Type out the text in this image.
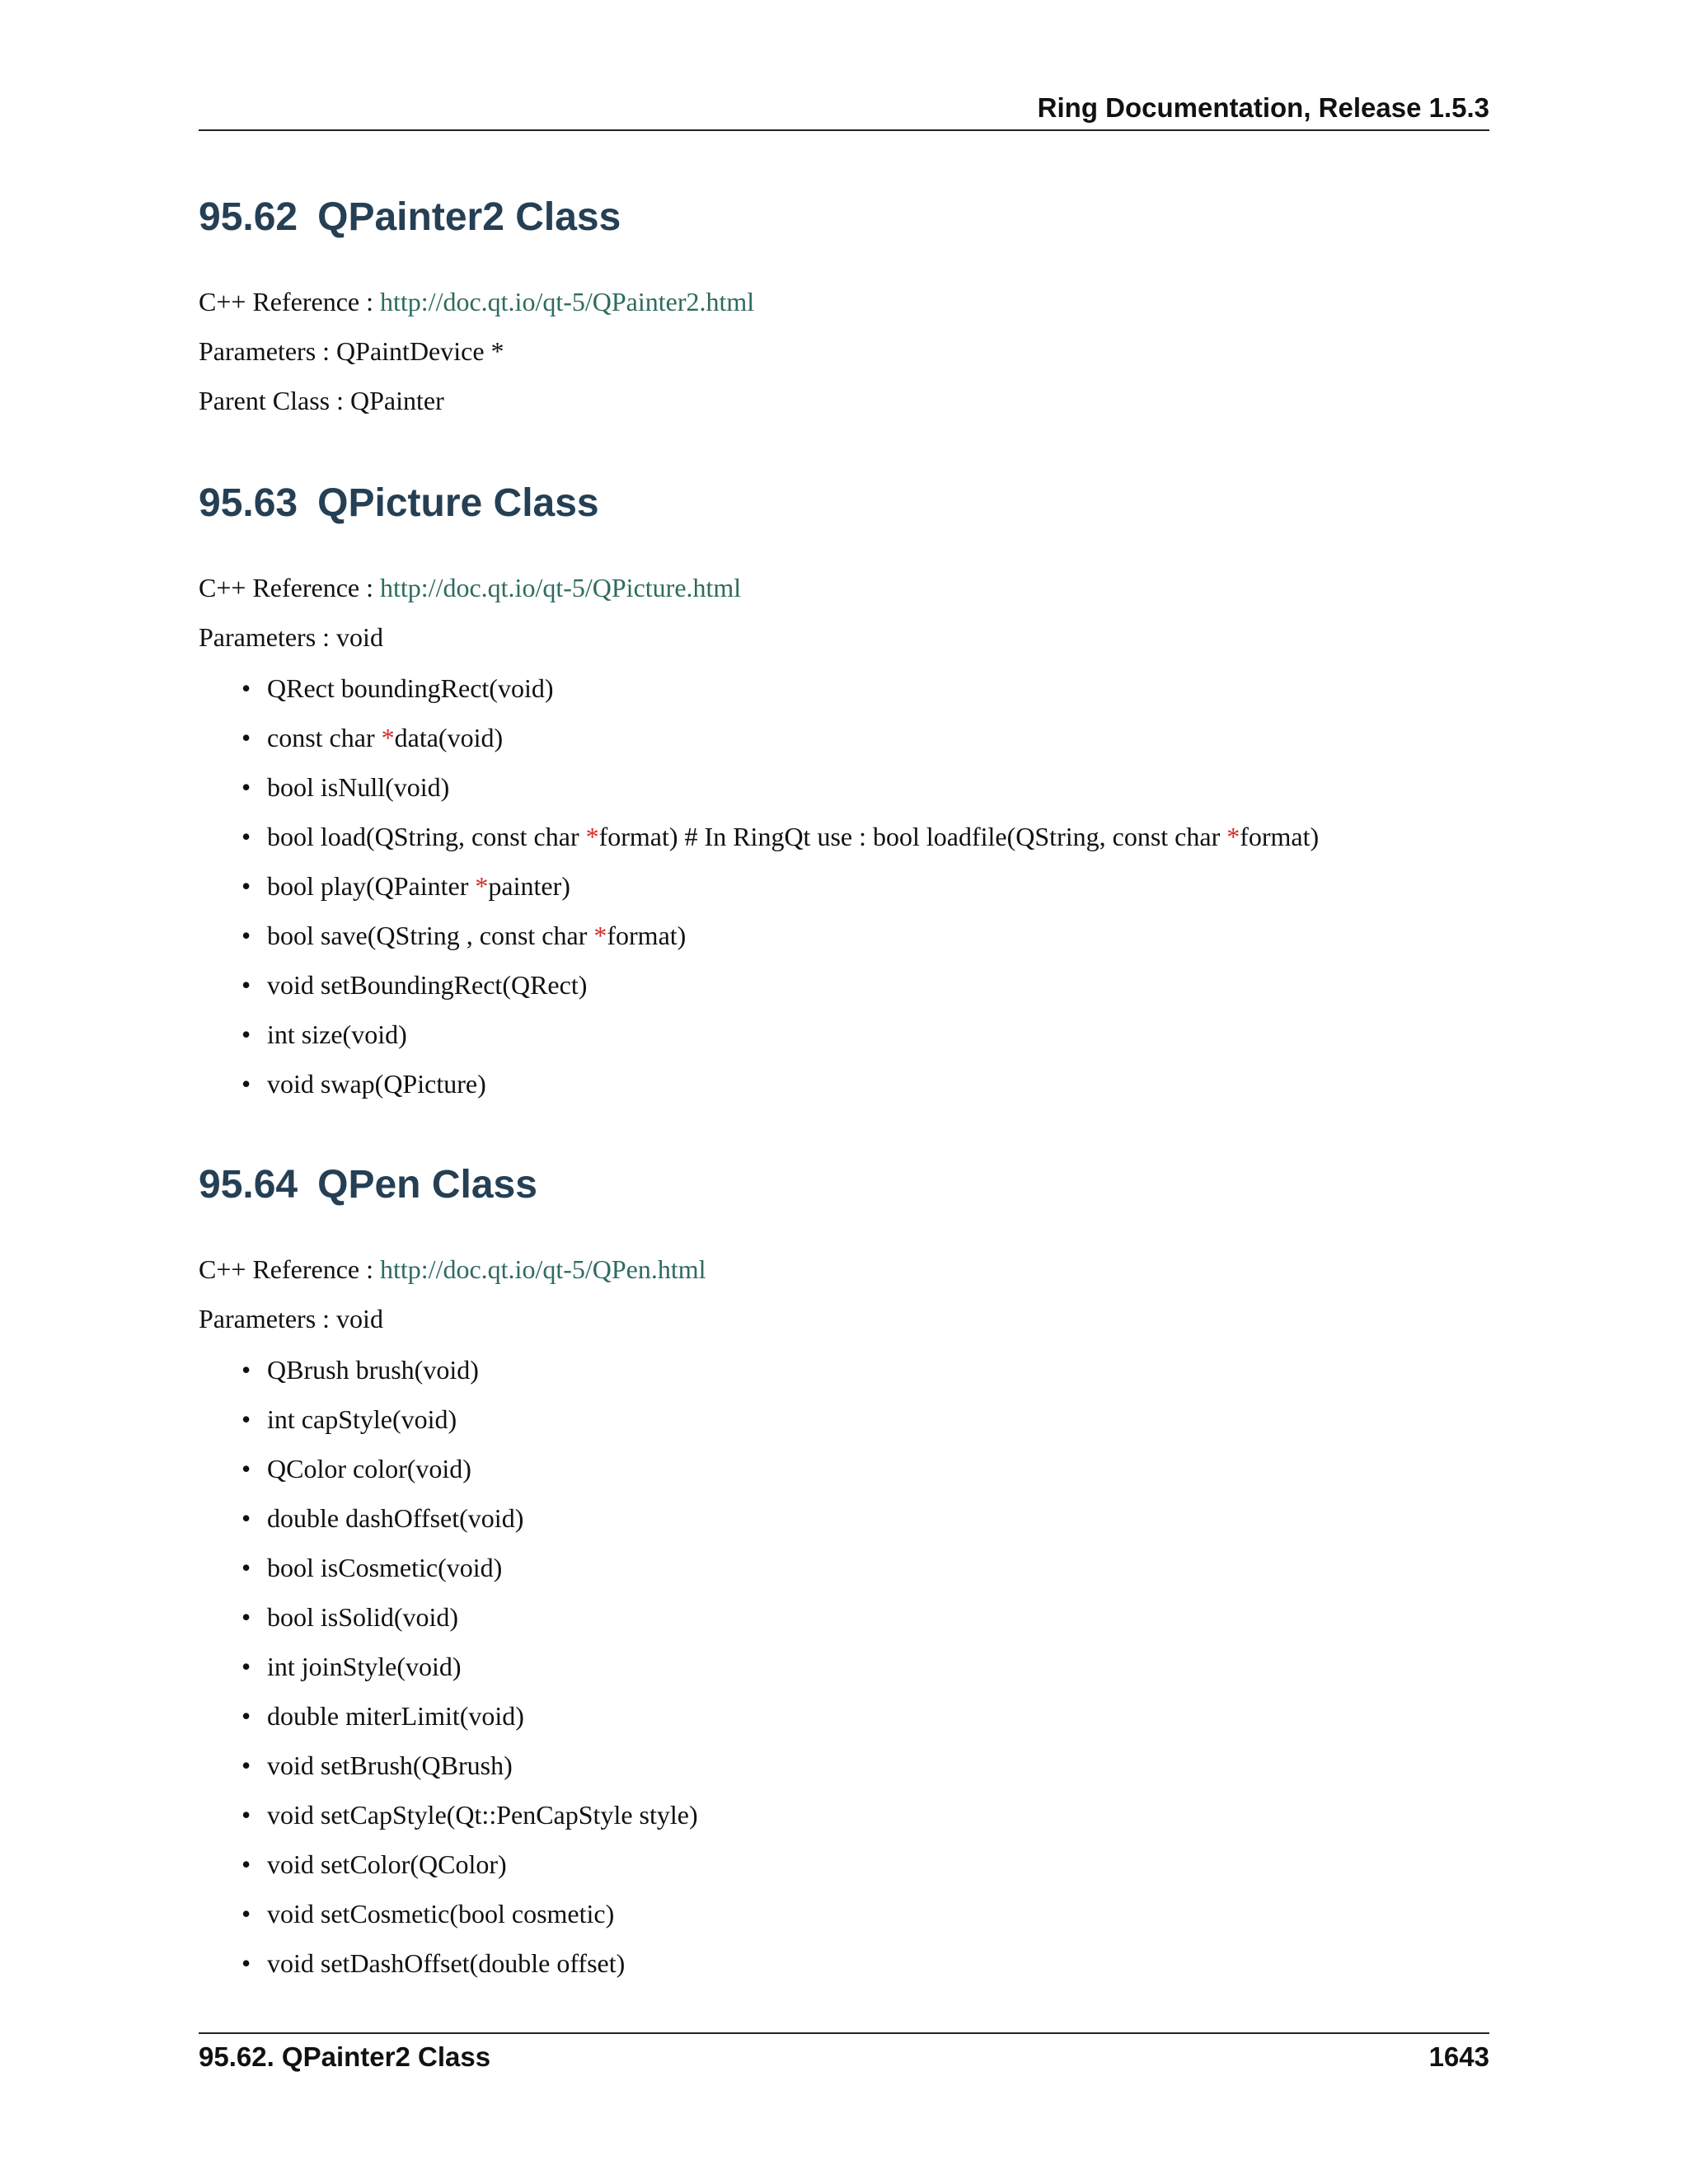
Ring Documentation, Release 1.5.3
95.62 QPainter2 Class
C++ Reference : http://doc.qt.io/qt-5/QPainter2.html
Parameters : QPaintDevice *
Parent Class : QPainter
95.63 QPicture Class
C++ Reference : http://doc.qt.io/qt-5/QPicture.html
Parameters : void
• QRect boundingRect(void)
• const char *data(void)
• bool isNull(void)
• bool load(QString, const char *format) # In RingQt use : bool loadfile(QString, const char *format)
• bool play(QPainter *painter)
• bool save(QString , const char *format)
• void setBoundingRect(QRect)
• int size(void)
• void swap(QPicture)
95.64 QPen Class
C++ Reference : http://doc.qt.io/qt-5/QPen.html
Parameters : void
• QBrush brush(void)
• int capStyle(void)
• QColor color(void)
• double dashOffset(void)
• bool isCosmetic(void)
• bool isSolid(void)
• int joinStyle(void)
• double miterLimit(void)
• void setBrush(QBrush)
• void setCapStyle(Qt::PenCapStyle style)
• void setColor(QColor)
• void setCosmetic(bool cosmetic)
• void setDashOffset(double offset)
95.62. QPainter2 Class	1643
